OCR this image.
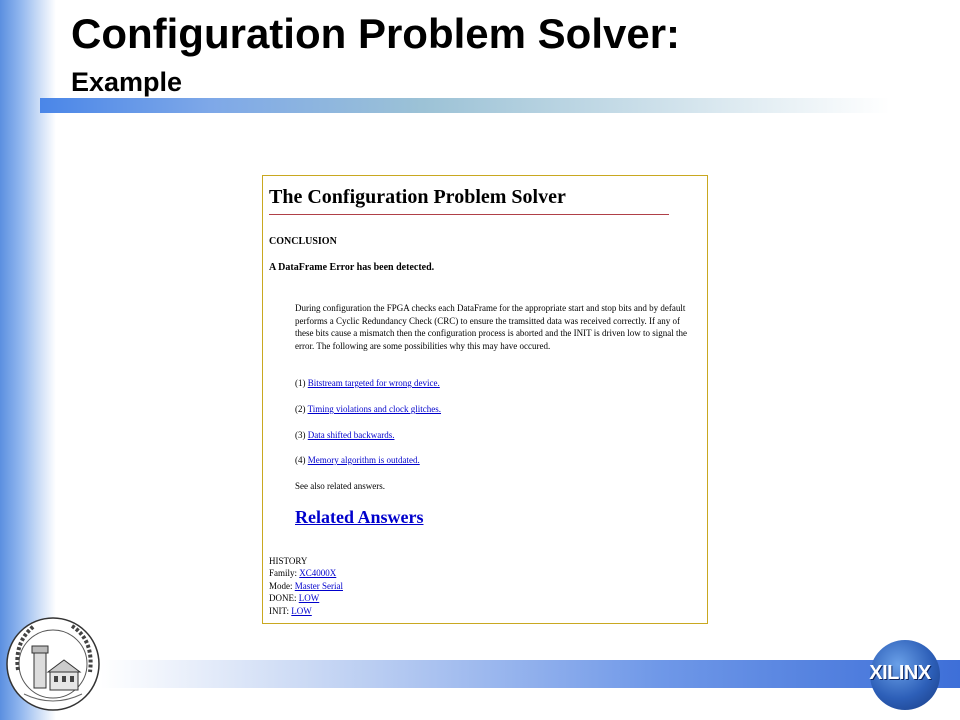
Configuration Problem Solver:
Example
The Configuration Problem Solver
CONCLUSION
A DataFrame Error has been detected.
During configuration the FPGA checks each DataFrame for the appropriate start and stop bits and by default performs a Cyclic Redundancy Check (CRC) to ensure the tramsitted data was received correctly. If any of these bits cause a mismatch then the configuration process is aborted and the INIT is driven low to signal the error. The following are some possibilities why this may have occured.
(1) Bitstream targeted for wrong device.
(2) Timing violations and clock glitches.
(3) Data shifted backwards.
(4) Memory algorithm is outdated.
See also related answers.
Related Answers
HISTORY
Family: XC4000X
Mode: Master Serial
DONE: LOW
INIT: LOW
XILINX
